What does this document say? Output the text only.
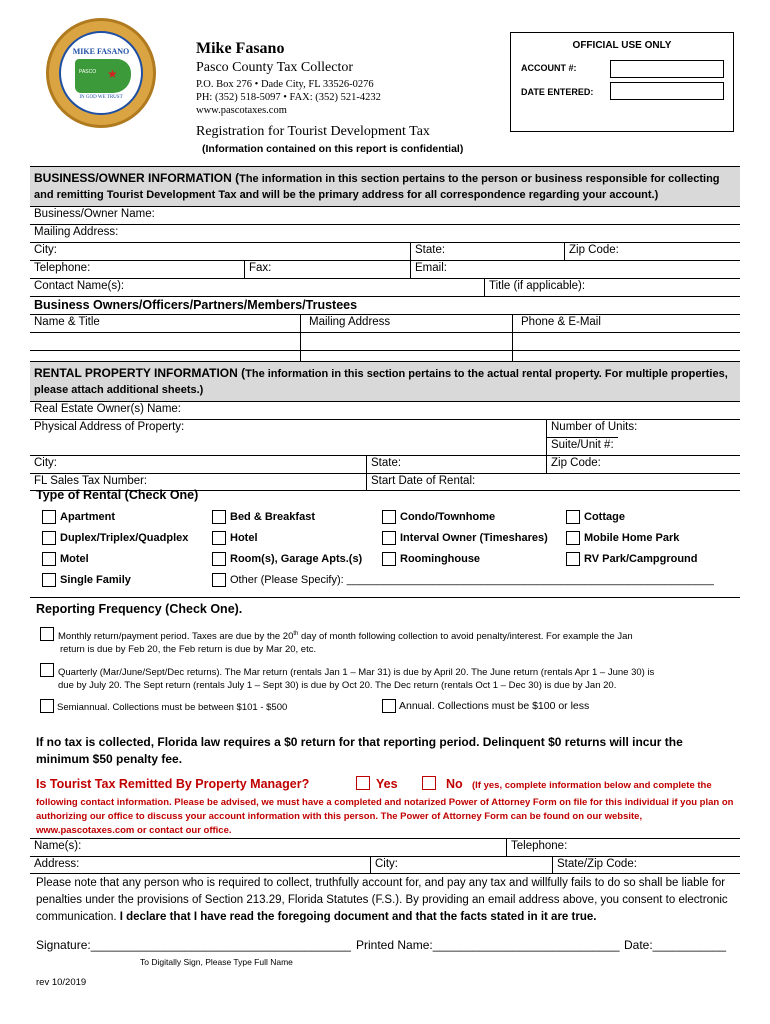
MIKE FASANO
PASCO ★
IN GOD WE TRUST
Mike Fasano
Pasco County Tax Collector
P.O. Box 276 • Dade City, FL 33526-0276
PH: (352) 518-5097 • FAX: (352) 521-4232
www.pascotaxes.com
Registration for Tourist Development Tax
(Information contained on this report is confidential)
OFFICIAL USE ONLY
ACCOUNT #:
DATE ENTERED:
BUSINESS/OWNER INFORMATION (The information in this section pertains to the person or business responsible for collecting and remitting Tourist Development Tax and will be the primary address for all correspondence regarding your account.)
Business/Owner Name:
Mailing Address:
City:	State:	Zip Code:
Telephone:	Fax:	Email:
Contact Name(s):	Title (if applicable):
Business Owners/Officers/Partners/Members/Trustees
Name & Title	Mailing Address	Phone & E-Mail
RENTAL PROPERTY INFORMATION (The information in this section pertains to the actual rental property. For multiple properties, please attach additional sheets.)
Real Estate Owner(s) Name:
Physical Address of Property:	Number of Units:
Suite/Unit #:
City:	State:	Zip Code:
FL Sales Tax Number:	Start Date of Rental:
Type of Rental (Check One)
Apartment	Bed & Breakfast	Condo/Townhome	Cottage
Duplex/Triplex/Quadplex	Hotel	Interval Owner (Timeshares)	Mobile Home Park
Motel	Room(s), Garage Apts.(s)	Roominghouse	RV Park/Campground
Single Family	Other (Please Specify): ____________________________________________________________
Reporting Frequency (Check One).
Monthly return/payment period. Taxes are due by the 20th day of month following collection to avoid penalty/interest. For example the Jan
return is due by Feb 20, the Feb return is due by Mar 20, etc.
Quarterly (Mar/June/Sept/Dec returns). The Mar return (rentals Jan 1 – Mar 31) is due by April 20. The June return (rentals Apr 1 – June 30) is
due by July 20. The Sept return (rentals July 1 – Sept 30) is due by Oct 20. The Dec return (rentals Oct 1 – Dec 30) is due by Jan 20.
Semiannual. Collections must be between $101 - $500	Annual. Collections must be $100 or less
If no tax is collected, Florida law requires a $0 return for that reporting period. Delinquent $0 returns will incur the
minimum $50 penalty fee.
Is Tourist Tax Remitted By Property Manager?	Yes	No (If yes, complete information below and complete the
following contact information. Please be advised, we must have a completed and notarized Power of Attorney Form on file for this individual if you plan on authorizing our office to discuss your account information with this person. The Power of Attorney Form can be found on our website, www.pascotaxes.com or contact our office.
Name(s):	Telephone:
Address:	City:	State/Zip Code:
Please note that any person who is required to collect, truthfully account for, and pay any tax and willfully fails to do so shall be liable for penalties under the provisions of Section 213.29, Florida Statutes (F.S.). By providing an email address above, you consent to electronic communication. I declare that I have read the foregoing document and that the facts stated in it are true.
Signature:_______________________________________ Printed Name:____________________________ Date:___________
To Digitally Sign, Please Type Full Name
rev 10/2019
